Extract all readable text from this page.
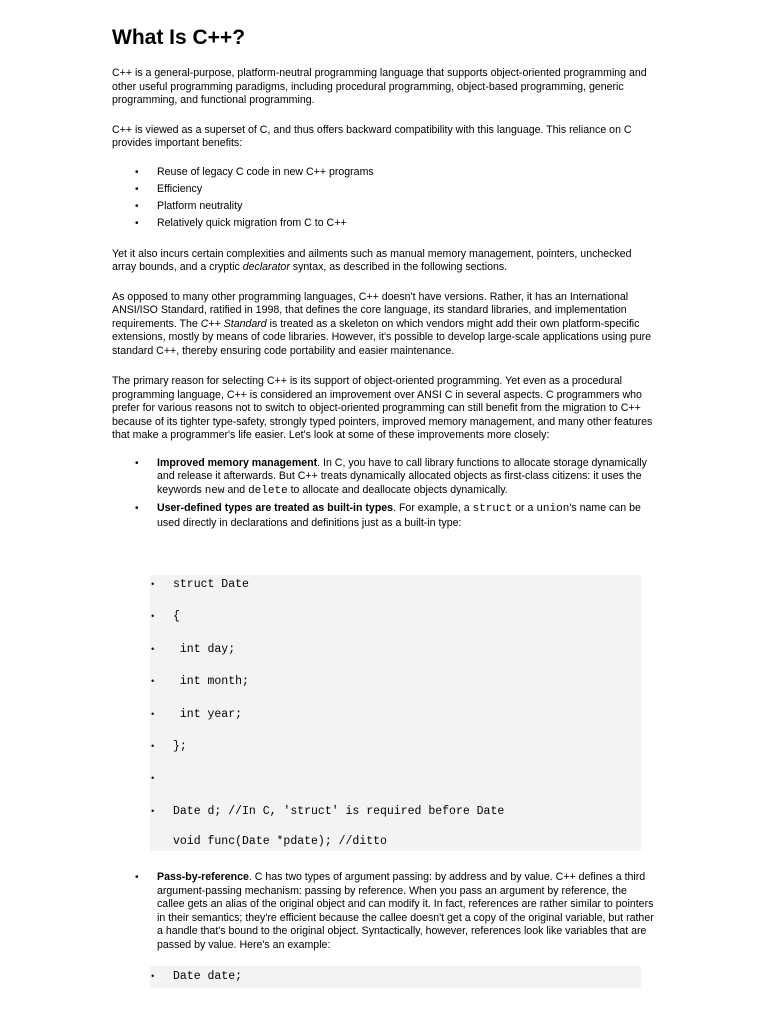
What Is C++?

C++ is a general-purpose, platform-neutral programming language that supports object-oriented programming and other useful programming paradigms, including procedural programming, object-based programming, generic programming, and functional programming.

C++ is viewed as a superset of C, and thus offers backward compatibility with this language. This reliance on C provides important benefits:

• Reuse of legacy C code in new C++ programs
• Efficiency
• Platform neutrality
• Relatively quick migration from C to C++

Yet it also incurs certain complexities and ailments such as manual memory management, pointers, unchecked array bounds, and a cryptic declarator syntax, as described in the following sections.

As opposed to many other programming languages, C++ doesn't have versions. Rather, it has an International ANSI/ISO Standard, ratified in 1998, that defines the core language, its standard libraries, and implementation requirements. The C++ Standard is treated as a skeleton on which vendors might add their own platform-specific extensions, mostly by means of code libraries. However, it's possible to develop large-scale applications using pure standard C++, thereby ensuring code portability and easier maintenance.

The primary reason for selecting C++ is its support of object-oriented programming. Yet even as a procedural programming language, C++ is considered an improvement over ANSI C in several aspects. C programmers who prefer for various reasons not to switch to object-oriented programming can still benefit from the migration to C++ because of its tighter type-safety, strongly typed pointers, improved memory management, and many other features that make a programmer's life easier. Let's look at some of these improvements more closely:

• Improved memory management. In C, you have to call library functions to allocate storage dynamically and release it afterwards. But C++ treats dynamically allocated objects as first-class citizens: it uses the keywords new and delete to allocate and deallocate objects dynamically.
• User-defined types are treated as built-in types. For example, a struct or a union's name can be used directly in declarations and definitions just as a built-in type:
• struct Date
• {
• int day;
• int month;
• int year;
• };
•
• Date d; //In C, 'struct' is required before Date
void func(Date *pdate); //ditto
• Pass-by-reference. C has two types of argument passing: by address and by value. C++ defines a third argument-passing mechanism: passing by reference. When you pass an argument by reference, the callee gets an alias of the original object and can modify it. In fact, references are rather similar to pointers in their semantics; they're efficient because the callee doesn't get a copy of the original variable, but rather a handle that's bound to the original object. Syntactically, however, references look like variables that are passed by value. Here's an example:
• Date date;
